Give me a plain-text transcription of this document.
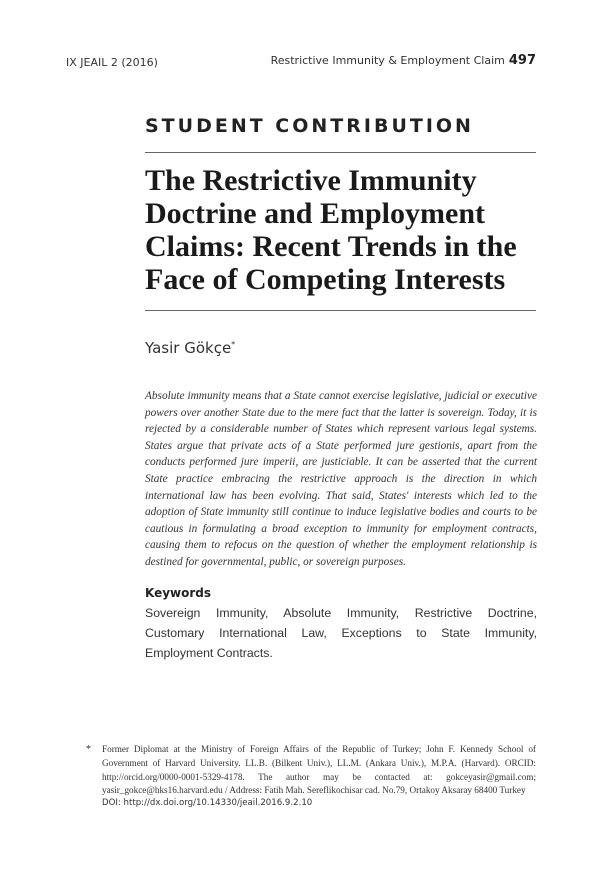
IX JEAIL 2 (2016)	Restrictive Immunity & Employment Claim 497
STUDENT CONTRIBUTION
The Restrictive Immunity Doctrine and Employment Claims: Recent Trends in the Face of Competing Interests
Yasir Gökçe*

Absolute immunity means that a State cannot exercise legislative, judicial or executive powers over another State due to the mere fact that the latter is sovereign. Today, it is rejected by a considerable number of States which represent various legal systems. States argue that private acts of a State performed jure gestionis, apart from the conducts performed jure imperii, are justiciable. It can be asserted that the current State practice embracing the restrictive approach is the direction in which international law has been evolving. That said, States' interests which led to the adoption of State immunity still continue to induce legislative bodies and courts to be cautious in formulating a broad exception to immunity for employment contracts, causing them to refocus on the question of whether the employment relationship is destined for governmental, public, or sovereign purposes.

Keywords

Sovereign Immunity, Absolute Immunity, Restrictive Doctrine, Customary International Law, Exceptions to State Immunity, Employment Contracts.

* Former Diplomat at the Ministry of Foreign Affairs of the Republic of Turkey; John F. Kennedy School of Government of Harvard University. LL.B. (Bilkent Univ.), LL.M. (Ankara Univ.), M.P.A. (Harvard). ORCID: http://orcid.org/0000-0001-5329-4178. The author may be contacted at: gokceyasir@gmail.com; yasir_gokce@hks16.harvard.edu / Address: Fatih Mah. Sereflikochisar cad. No.79, Ortakoy Aksaray 68400 Turkey

DOI: http://dx.doi.org/10.14330/jeail.2016.9.2.10
